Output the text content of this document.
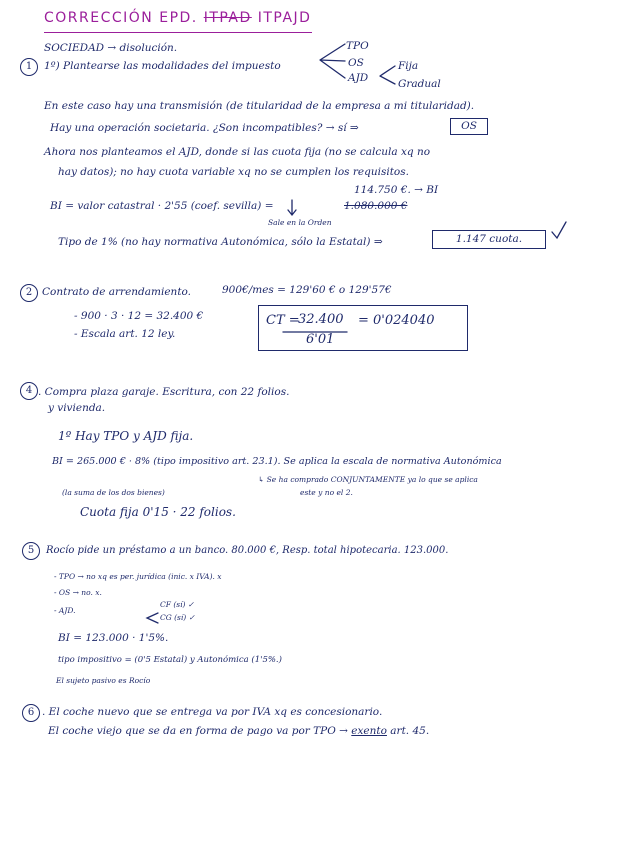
CORRECCIÓN EPD. ITPAD ITPAJD
SOCIEDAD → disolución.
1	1º) Plantearse las modalidades del impuesto
TPO
OS
AJD
Fija
Gradual
En este caso hay una transmisión (de titularidad de la empresa a mi titularidad).
Hay una operación societaria. ¿Son incompatibles? → sí ⇒	OS
Ahora nos planteamos el AJD, donde si las cuota fija (no se calcula xq no
hay datos); no hay cuota variable xq no se cumplen los requisitos.
114.750 €. → BI
BI = valor catastral · 2'55 (coef. sevilla) =	1.080.000 €
Sale en la Orden
Tipo de 1% (no hay normativa Autonómica, sólo la Estatal) ⇒	1.147 cuota.
2 Contrato de arrendamiento.	900€/mes = 129'60 € o 129'57€
- 900 · 3 · 12 = 32.400 €
- Escala art. 12 ley.
CT =
32.400
6'01
= 0'024040
4 . Compra plaza garaje. Escritura, con 22 folios.
y vivienda.
1º Hay TPO y AJD fija.
BI = 265.000 € · 8% (tipo impositivo art. 23.1). Se aplica la escala de normativa Autonómica
(la suma de los dos bienes)
↳ Se ha comprado CONJUNTAMENTE ya lo que se aplica
este y no el 2.
Cuota fija 0'15 · 22 folios.
5	Rocío pide un préstamo a un banco. 80.000 €, Resp. total hipotecaria. 123.000.
- TPO → no xq es per. jurídica (inic. x IVA). x
- OS → no. x.
- AJD.
CF (sí) ✓
CG (sí) ✓
BI = 123.000 · 1'5%.
tipo impositivo = (0'5 Estatal) y Autonómica (1'5%.)
El sujeto pasivo es Rocío
6 . El coche nuevo que se entrega va por IVA xq es concesionario.
El coche viejo que se da en forma de pago va por TPO → exento art. 45.
